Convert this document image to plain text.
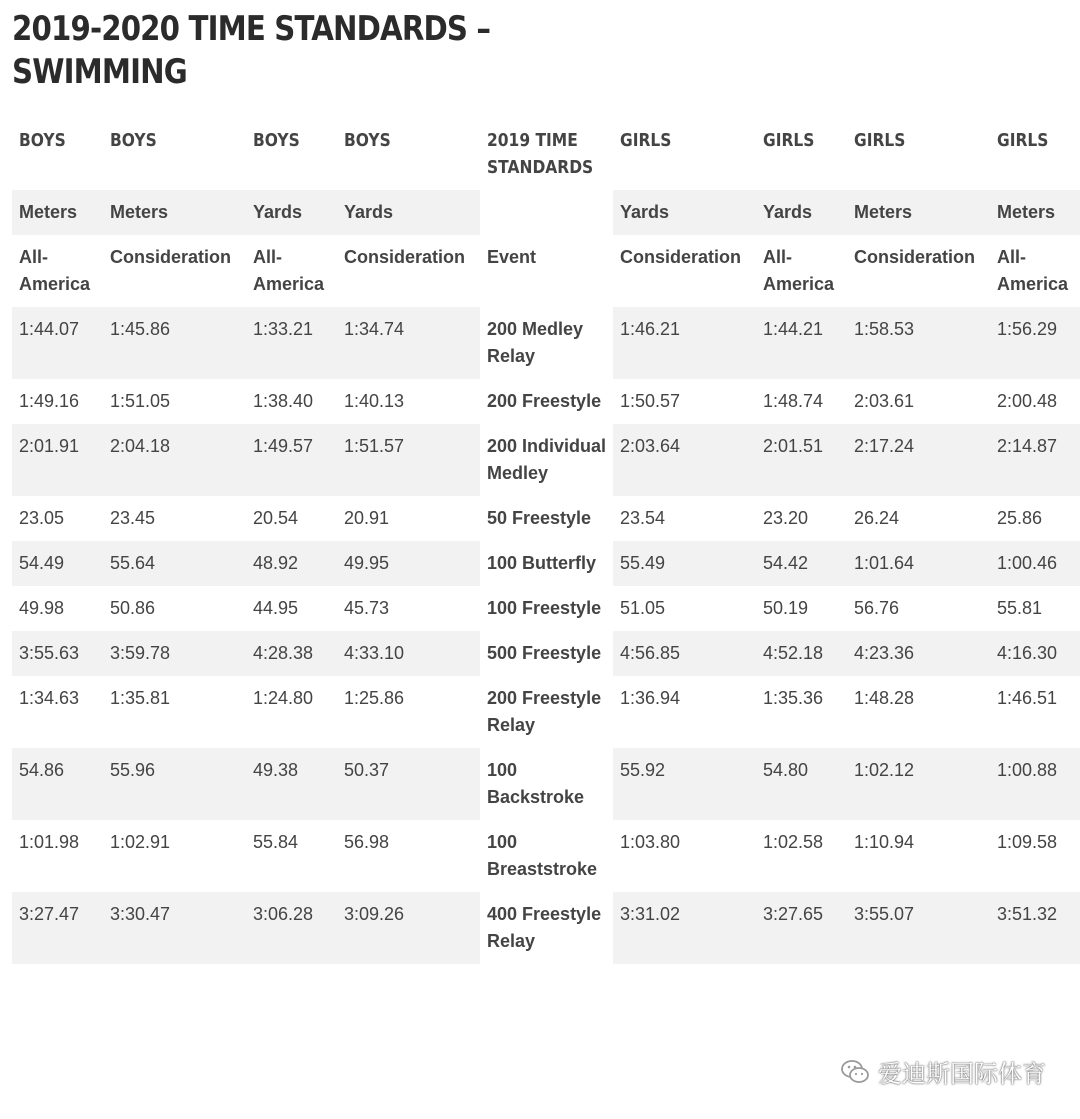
2019-2020 TIME STANDARDS – SWIMMING
BOYS	BOYS	BOYS	BOYS	2019 TIME STANDARDS	GIRLS	GIRLS	GIRLS	GIRLS
Meters	Meters	Yards	Yards		Yards	Yards	Meters	Meters
All-America	Consideration	All-America	Consideration	Event	Consideration	All-America	Consideration	All-America
1:44.07	1:45.86	1:33.21	1:34.74	200 Medley Relay	1:46.21	1:44.21	1:58.53	1:56.29
1:49.16	1:51.05	1:38.40	1:40.13	200 Freestyle	1:50.57	1:48.74	2:03.61	2:00.48
2:01.91	2:04.18	1:49.57	1:51.57	200 Individual Medley	2:03.64	2:01.51	2:17.24	2:14.87
23.05	23.45	20.54	20.91	50 Freestyle	23.54	23.20	26.24	25.86
54.49	55.64	48.92	49.95	100 Butterfly	55.49	54.42	1:01.64	1:00.46
49.98	50.86	44.95	45.73	100 Freestyle	51.05	50.19	56.76	55.81
3:55.63	3:59.78	4:28.38	4:33.10	500 Freestyle	4:56.85	4:52.18	4:23.36	4:16.30
1:34.63	1:35.81	1:24.80	1:25.86	200 Freestyle Relay	1:36.94	1:35.36	1:48.28	1:46.51
54.86	55.96	49.38	50.37	100 Backstroke	55.92	54.80	1:02.12	1:00.88
1:01.98	1:02.91	55.84	56.98	100 Breaststroke	1:03.80	1:02.58	1:10.94	1:09.58
3:27.47	3:30.47	3:06.28	3:09.26	400 Freestyle Relay	3:31.02	3:27.65	3:55.07	3:51.32
爱迪斯国际体育
